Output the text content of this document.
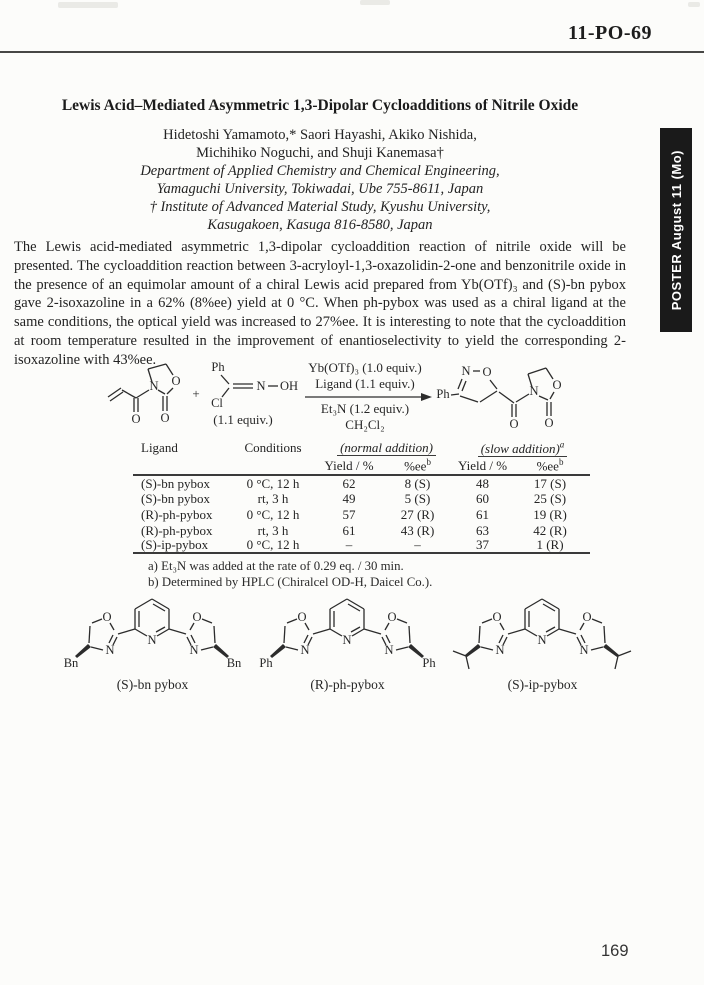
11-PO-69
POSTER August 11 (Mo)
Lewis Acid–Mediated Asymmetric 1,3-Dipolar Cycloadditions of Nitrile Oxide
Hidetoshi Yamamoto,* Saori Hayashi, Akiko Nishida,
Michihiko Noguchi, and Shuji Kanemasa†
Department of Applied Chemistry and Chemical Engineering,
Yamaguchi University, Tokiwadai, Ube 755-8611, Japan
† Institute of Advanced Material Study, Kyushu University,
Kasugakoen, Kasuga 816-8580, Japan
The Lewis acid-mediated asymmetric 1,3-dipolar cycloaddition reaction of nitrile oxide will be presented. The cycloaddition reaction between 3-acryloyl-1,3-oxazolidin-2-one and benzonitrile oxide in the presence of an equimolar amount of a chiral Lewis acid prepared from Yb(OTf)₃ and (S)-bn pybox gave 2-isoxazoline in a 62% (8%ee) yield at 0 °C. When ph-pybox was used as a chiral ligand at the same conditions, the optical yield was increased to 27%ee. It is interesting to note that the cycloaddition at room temperature resulted in the improvement of enantioselectivity to yield the corresponding 2-isoxazoline with 43%ee.
O
N O
O
+
Ph
Cl
N OH
(1.1 equiv.)
Yb(OTf)₃ (1.0 equiv.)
Ligand (1.1 equiv.)
Et₃N (1.2 equiv.)
CH₂Cl₂
Ph
N O
O
N O
O
Ligand	Conditions	(normal addition)	(slow addition)$^a$
Yield / %	$\%ee^b$	Yield / %	$\%ee^b$
(S)-bn pybox	0 °C, 12 h	62	8 (S)	48	17 (S)
(S)-bn pybox	rt, 3 h	49	5 (S)	60	25 (S)
(R)-ph-pybox	0 °C, 12 h	57	27 (R)	61	19 (R)
(R)-ph-pybox	rt, 3 h	61	43 (R)	63	42 (R)
(S)-ip-pybox	0 °C, 12 h	–	–	37	1 (R)
a) Et₃N was added at the rate of 0.29 eq. / 30 min.
b) Determined by HPLC (Chiralcel OD-H, Daicel Co.).
N
O
N
Bn
O
N
Bn
(S)-bn pybox
N
O
N
Ph
O
N
Ph
(R)-ph-pybox
N
O
N
O
N
(S)-ip-pybox
169
